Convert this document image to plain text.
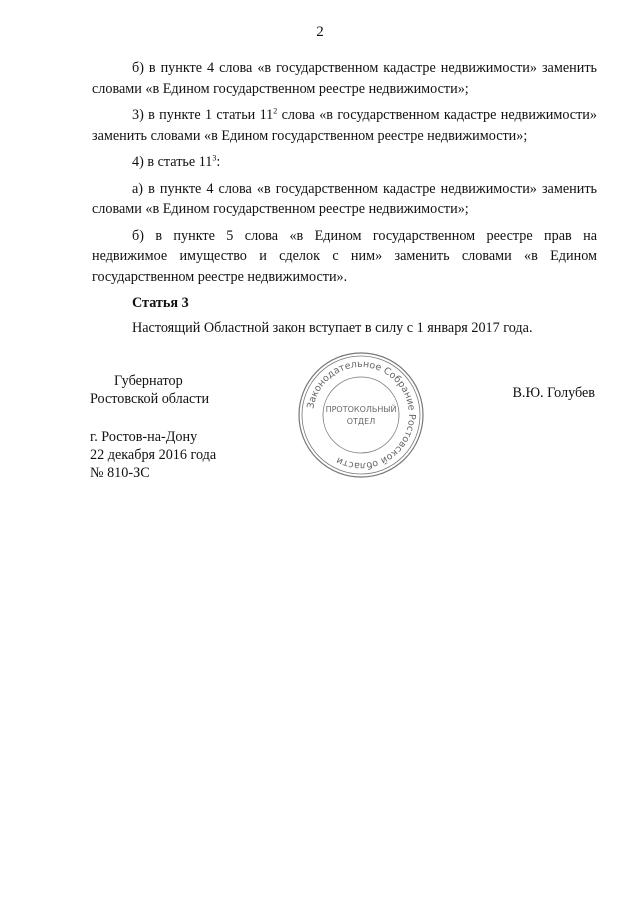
2

б) в пункте 4 слова «в государственном кадастре недвижимости» заменить словами «в Едином государственном реестре недвижимости»;

3) в пункте 1 статьи $11^2$ слова «в государственном кадастре недвижимости» заменить словами «в Едином государственном реестре недвижимости»;

4) в статье $11^3$:

а) в пункте 4 слова «в государственном кадастре недвижимости» заменить словами «в Едином государственном реестре недвижимости»;

б) в пункте 5 слова «в Едином государственном реестре прав на недвижимое имущество и сделок с ним» заменить словами «в Едином государственном реестре недвижимости».

Статья 3

Настоящий Областной закон вступает в силу с 1 января 2017 года.

Губернатор
Ростовской области	В.Ю. Голубев
г. Ростов-на-Дону
22 декабря 2016 года
№ 810-ЗС
Законодательное Собрание Ростовской области
ПРОТОКОЛЬНЫЙ
ОТДЕЛ
